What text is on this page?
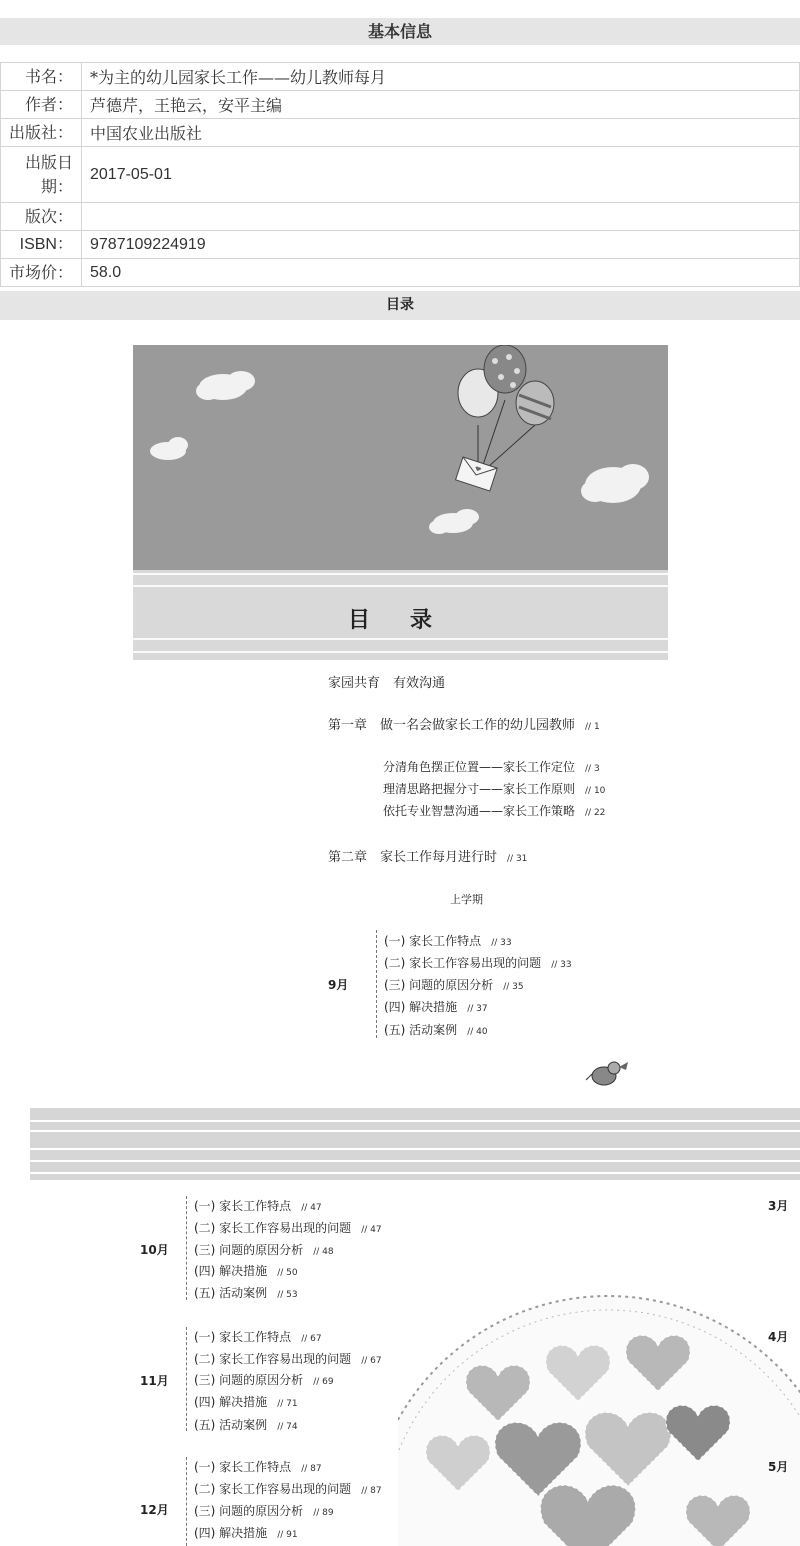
基本信息
书名：	*为主的幼儿园家长工作——幼儿教师每月
作者：	芦德芹，王艳云，安平主编
出版社：	中国农业出版社
出版日期：	2017-05-01
版次：	
ISBN：	9787109224919
市场价：	58.0
目录
目录
家园共育　有效沟通
第一章　做一名会做家长工作的幼儿园教师 // 1
分清角色摆正位置——家长工作定位 // 3
理清思路把握分寸——家长工作原则 // 10
依托专业智慧沟通——家长工作策略 // 22
第二章　家长工作每月进行时 // 31
上学期
9月
(一) 家长工作特点 // 33
(二) 家长工作容易出现的问题 // 33
(三) 问题的原因分析 // 35
(四) 解决措施 // 37
(五) 活动案例 // 40
10月
(一) 家长工作特点 // 47
(二) 家长工作容易出现的问题 // 47
(三) 问题的原因分析 // 48
(四) 解决措施 // 50
(五) 活动案例 // 53
11月
(一) 家长工作特点 // 67
(二) 家长工作容易出现的问题 // 67
(三) 问题的原因分析 // 69
(四) 解决措施 // 71
(五) 活动案例 // 74
12月
(一) 家长工作特点 // 87
(二) 家长工作容易出现的问题 // 87
(三) 问题的原因分析 // 89
(四) 解决措施 // 91
3月
4月
5月
